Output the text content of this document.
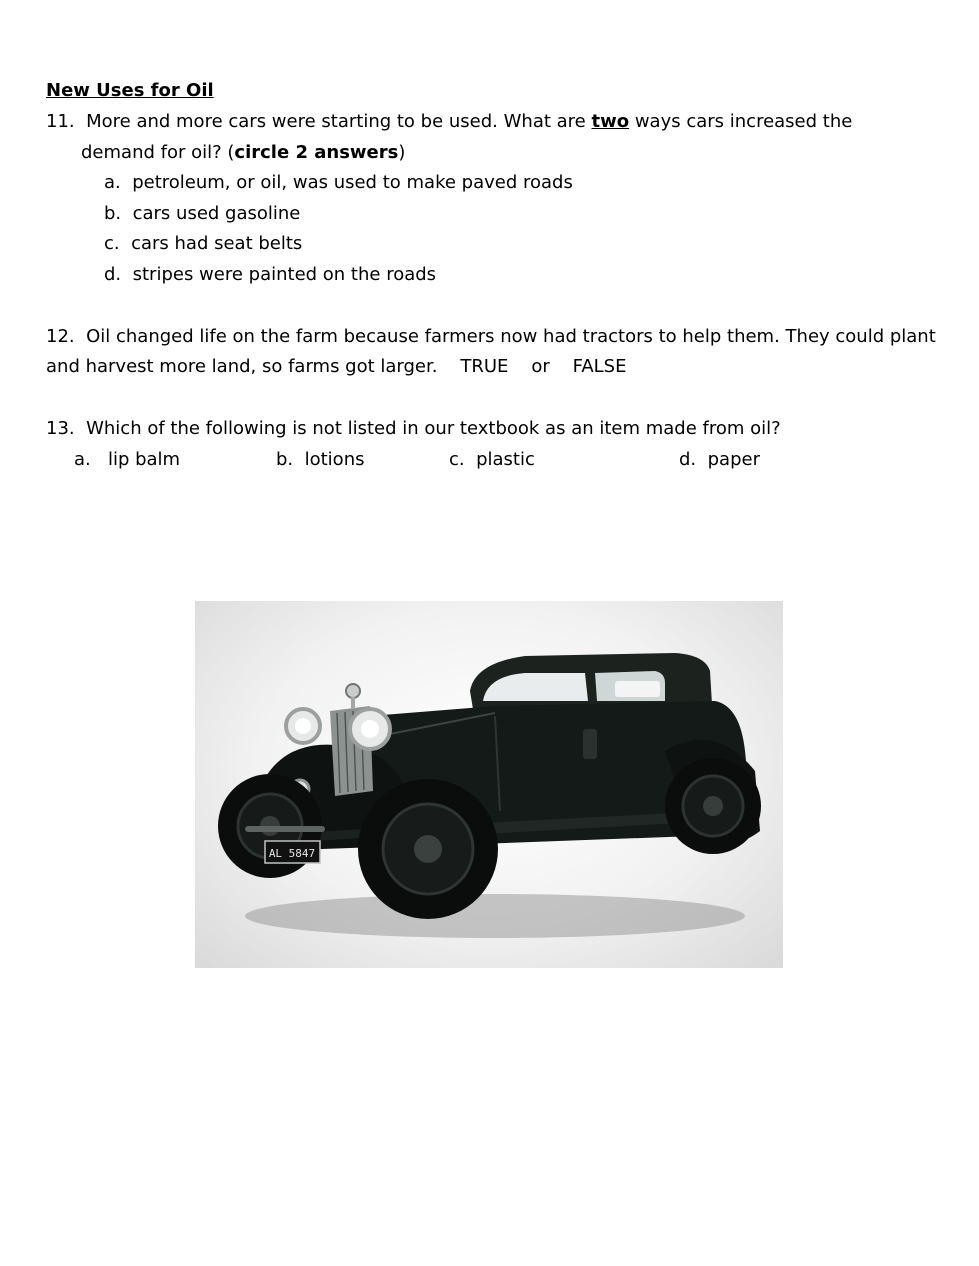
New Uses for Oil
11. More and more cars were starting to be used. What are two ways cars increased the
demand for oil? (circle 2 answers)
a. petroleum, or oil, was used to make paved roads
b. cars used gasoline
c. cars had seat belts
d. stripes were painted on the roads
12. Oil changed life on the farm because farmers now had tractors to help them. They could plant
and harvest more land, so farms got larger. TRUE or FALSE
13. Which of the following is not listed in our textbook as an item made from oil?
a. lip balm	b. lotions	c. plastic	d. paper
AL 5847
